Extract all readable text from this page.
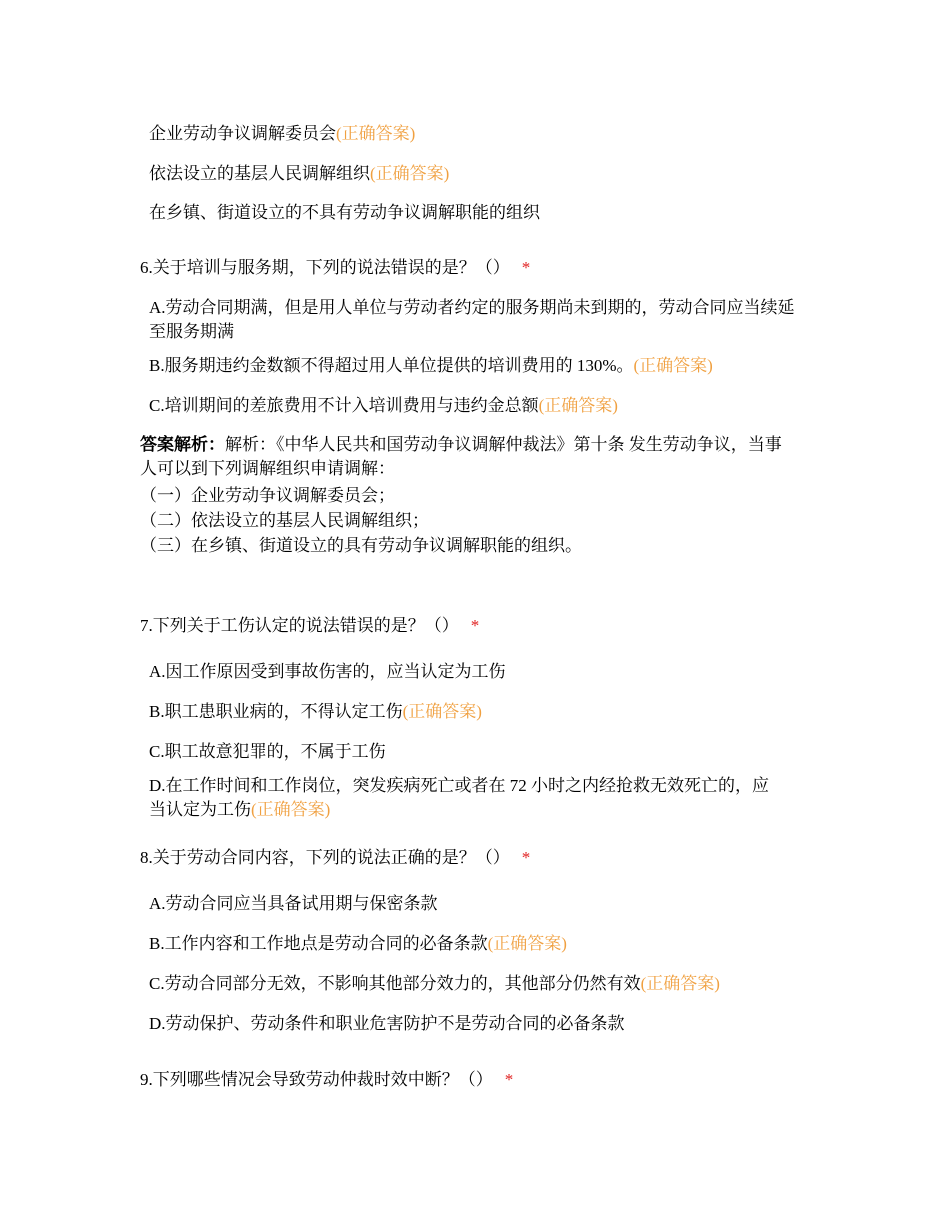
企业劳动争议调解委员会(正确答案)
依法设立的基层人民调解组织(正确答案)
在乡镇、街道设立的不具有劳动争议调解职能的组织
6.关于培训与服务期，下列的说法错误的是？（） *
A.劳动合同期满，但是用人单位与劳动者约定的服务期尚未到期的，劳动合同应当续延至服务期满
B.服务期违约金数额不得超过用人单位提供的培训费用的 130%。(正确答案)
C.培训期间的差旅费用不计入培训费用与违约金总额(正确答案)
答案解析：解析：《中华人民共和国劳动争议调解仲裁法》第十条 发生劳动争议，当事人可以到下列调解组织申请调解：
（一）企业劳动争议调解委员会；
（二）依法设立的基层人民调解组织；
（三）在乡镇、街道设立的具有劳动争议调解职能的组织。
7.下列关于工伤认定的说法错误的是？（） *
A.因工作原因受到事故伤害的，应当认定为工伤
B.职工患职业病的，不得认定工伤(正确答案)
C.职工故意犯罪的，不属于工伤
D.在工作时间和工作岗位，突发疾病死亡或者在 72 小时之内经抢救无效死亡的，应当认定为工伤(正确答案)
8.关于劳动合同内容，下列的说法正确的是？（） *
A.劳动合同应当具备试用期与保密条款
B.工作内容和工作地点是劳动合同的必备条款(正确答案)
C.劳动合同部分无效，不影响其他部分效力的，其他部分仍然有效(正确答案)
D.劳动保护、劳动条件和职业危害防护不是劳动合同的必备条款
9.下列哪些情况会导致劳动仲裁时效中断？（） *
